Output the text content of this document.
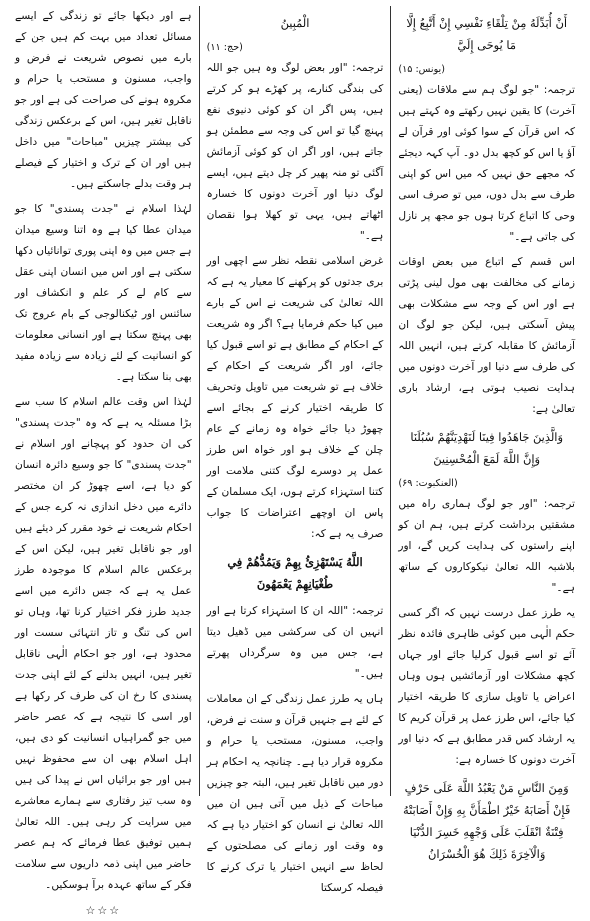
أَنْ أُبَدِّلَهُ مِنْ تِلْقَاءِ نَفْسِي إِنْ أَتَّبِعُ إِلَّا مَا يُوحَى إِلَيَّ
(یونس: ۱۵)

ترجمہ: "جو لوگ ہم سے ملاقات (یعنی آخرت) کا یقین نہیں رکھتے وہ کہتے ہیں کہ اس قرآن کے سوا کوئی اور قرآن لے آؤ یا اس کو کچھ بدل دو۔ آپ کہہ دیجئے کہ مجھے حق نہیں کہ میں اس کو اپنی طرف سے بدل دوں، میں تو صرف اسی وحی کا اتباع کرتا ہوں جو مجھ پر نازل کی جاتی ہے۔"

اس قسم کے اتباع میں بعض اوقات زمانے کی مخالفت بھی مول لینی پڑتی ہے اور اس کے وجہ سے مشکلات بھی پیش آسکتی ہیں، لیکن جو لوگ ان آزمائش کا مقابلہ کرتے ہیں، انہیں اللہ کی طرف سے دنیا اور آخرت دونوں میں ہدایت نصیب ہوتی ہے، ارشاد باری تعالیٰ ہے:

وَالَّذِينَ جَاهَدُوا فِينَا لَنَهْدِيَنَّهُمْ سُبُلَنَا وَإِنَّ اللَّهَ لَمَعَ الْمُحْسِنِينَ
(العنکبوت: ۶۹)

ترجمہ: "اور جو لوگ ہماری راہ میں مشقتیں برداشت کرتے ہیں، ہم ان کو اپنے راستوں کی ہدایت کریں گے، اور بلاشبہ اللہ تعالیٰ نیکوکاروں کے ساتھ ہے۔"

یہ طرز عمل درست نہیں کہ اگر کسی حکم الٰہی میں کوئی ظاہری فائدہ نظر آئے تو اسے قبول کرلیا جائے اور جہاں کچھ مشکلات اور آزمائشیں ہوں وہاں اعراض یا تاویل سازی کا طریقہ اختیار کیا جائے، اس طرز عمل پر قرآن کریم کا یہ ارشاد کس قدر مطابق ہے کہ دنیا اور آخرت دونوں کا خسارہ ہے:

وَمِنَ النَّاسِ مَنْ يَعْبُدُ اللَّهَ عَلَى حَرْفٍ فَإِنْ أَصَابَهُ خَيْرٌ اطْمَأَنَّ بِهِ وَإِنْ أَصَابَتْهُ فِتْنَةٌ انْقَلَبَ عَلَى وَجْهِهِ خَسِرَ الدُّنْيَا وَالْآخِرَةَ ذَلِكَ هُوَ الْخُسْرَانُ
الْمُبِينُ
(حج: ۱۱)

ترجمہ: "اور بعض لوگ وہ ہیں جو اللہ کی بندگی کنارے، پر کھڑے ہو کر کرتے ہیں، پس اگر ان کو کوئی دنیوی نفع پہنچ گیا تو اس کی وجہ سے مطمئن ہو جاتے ہیں، اور اگر ان کو کوئی آزمائش آگئی تو منہ پھیر کر چل دیتے ہیں، ایسے لوگ دنیا اور آخرت دونوں کا خسارہ اٹھاتے ہیں، یہی تو کھلا ہوا نقصان ہے۔"

غرض اسلامی نقطہ نظر سے اچھی اور بری جدتوں کو پرکھنے کا معیار یہ ہے کہ اللہ تعالیٰ کی شریعت نے اس کے بارے میں کیا حکم فرمایا ہے؟ اگر وہ شریعت کے احکام کے مطابق ہے تو اسے قبول کیا جائے، اور اگر شریعت کے احکام کے خلاف ہے تو شریعت میں تاویل وتحریف کا طریقہ اختیار کرنے کے بجائے اسے چھوڑ دیا جائے خواہ وہ زمانے کے عام چلن کے خلاف ہو اور خواہ اس طرز عمل پر دوسرے لوگ کتنی ملامت اور کتنا استہزاء کرتے ہوں، ایک مسلمان کے پاس ان اوچھے اعتراضات کا جواب صرف یہ ہے کہ:

اللَّهُ يَسْتَهْزِئُ بِهِمْ وَيَمُدُّهُمْ فِي طُغْيَانِهِمْ يَعْمَهُونَ

ترجمہ: "اللہ ان کا استہزاء کرتا ہے اور انہیں ان کی سرکشی میں ڈھیل دیتا ہے، جس میں وہ سرگرداں پھرتے ہیں۔"

ہاں یہ طرز عمل زندگی کے ان معاملات کے لئے ہے جنہیں قرآن و سنت نے فرض، واجب، مسنون، مستحب یا حرام و مکروہ قرار دیا ہے۔ چنانچہ یہ احکام ہر دور میں ناقابل تغیر ہیں، البتہ جو چیزیں مباحات کے ذیل میں آتی ہیں ان میں اللہ تعالیٰ نے انسان کو اختیار دیا ہے کہ وہ وقت اور زمانے کی مصلحتوں کے لحاظ سے انہیں اختیار یا ترک کرنے کا فیصلہ کرسکتا

ہے اور دیکھا جائے تو زندگی کے ایسے مسائل تعداد میں بہت کم ہیں جن کے بارے میں نصوص شریعت نے فرض و واجب، مسنون و مستحب یا حرام و مکروہ ہونے کی صراحت کی ہے اور جو ناقابل تغیر ہیں، اس کے برعکس زندگی کی بیشتر چیزیں "مباحات" میں داخل ہیں اور ان کے ترک و اختیار کے فیصلے ہر وقت بدلے جاسکتے ہیں۔

لہٰذا اسلام نے "جدت پسندی" کا جو میدان عطا کیا ہے وہ اتنا وسیع میدان ہے جس میں وہ اپنی پوری توانائیاں دکھا سکتی ہے اور اس میں انسان اپنی عقل سے کام لے کر علم و انکشاف اور سائنس اور ٹیکنالوجی کے بام عروج تک بھی پہنچ سکتا ہے اور انسانی معلومات کو انسانیت کے لئے زیادہ سے زیادہ مفید بھی بنا سکتا ہے۔

لہٰذا اس وقت عالم اسلام کا سب سے بڑا مسئلہ یہ ہے کہ وہ "جدت پسندی" کی ان حدود کو پہچانے اور اسلام نے "جدت پسندی" کا جو وسیع دائرہ انسان کو دیا ہے، اسے چھوڑ کر ان مختصر دائرے میں دخل اندازی نہ کرے جس کے احکام شریعت نے خود مقرر کر دیئے ہیں اور جو ناقابل تغیر ہیں، لیکن اس کے برعکس عالم اسلام کا موجودہ طرز عمل یہ ہے کہ جس دائرے میں اسے جدید طرز فکر اختیار کرنا تھا، وہاں تو اس کی تنگ و تاز انتہائی سست اور محدود ہے، اور جو احکام الٰہی ناقابل تغیر ہیں، انہیں بدلنے کے لئے اپنی جدت پسندی کا رخ ان کی طرف کر رکھا ہے اور اسی کا نتیجہ ہے کہ عصر حاضر میں جو گمراہیاں انسانیت کو دی ہیں، اہل اسلام بھی ان سے محفوظ نہیں ہیں اور جو برائیاں اس نے پیدا کی ہیں وہ سب تیز رفتاری سے ہمارے معاشرے میں سرایت کر رہی ہیں۔ اللہ تعالیٰ ہمیں توفیق عطا فرمائے کہ ہم عصر حاضر میں اپنی ذمہ داریوں سے سلامت فکر کے ساتھ عہدہ برآ ہوسکیں۔

☆☆☆
